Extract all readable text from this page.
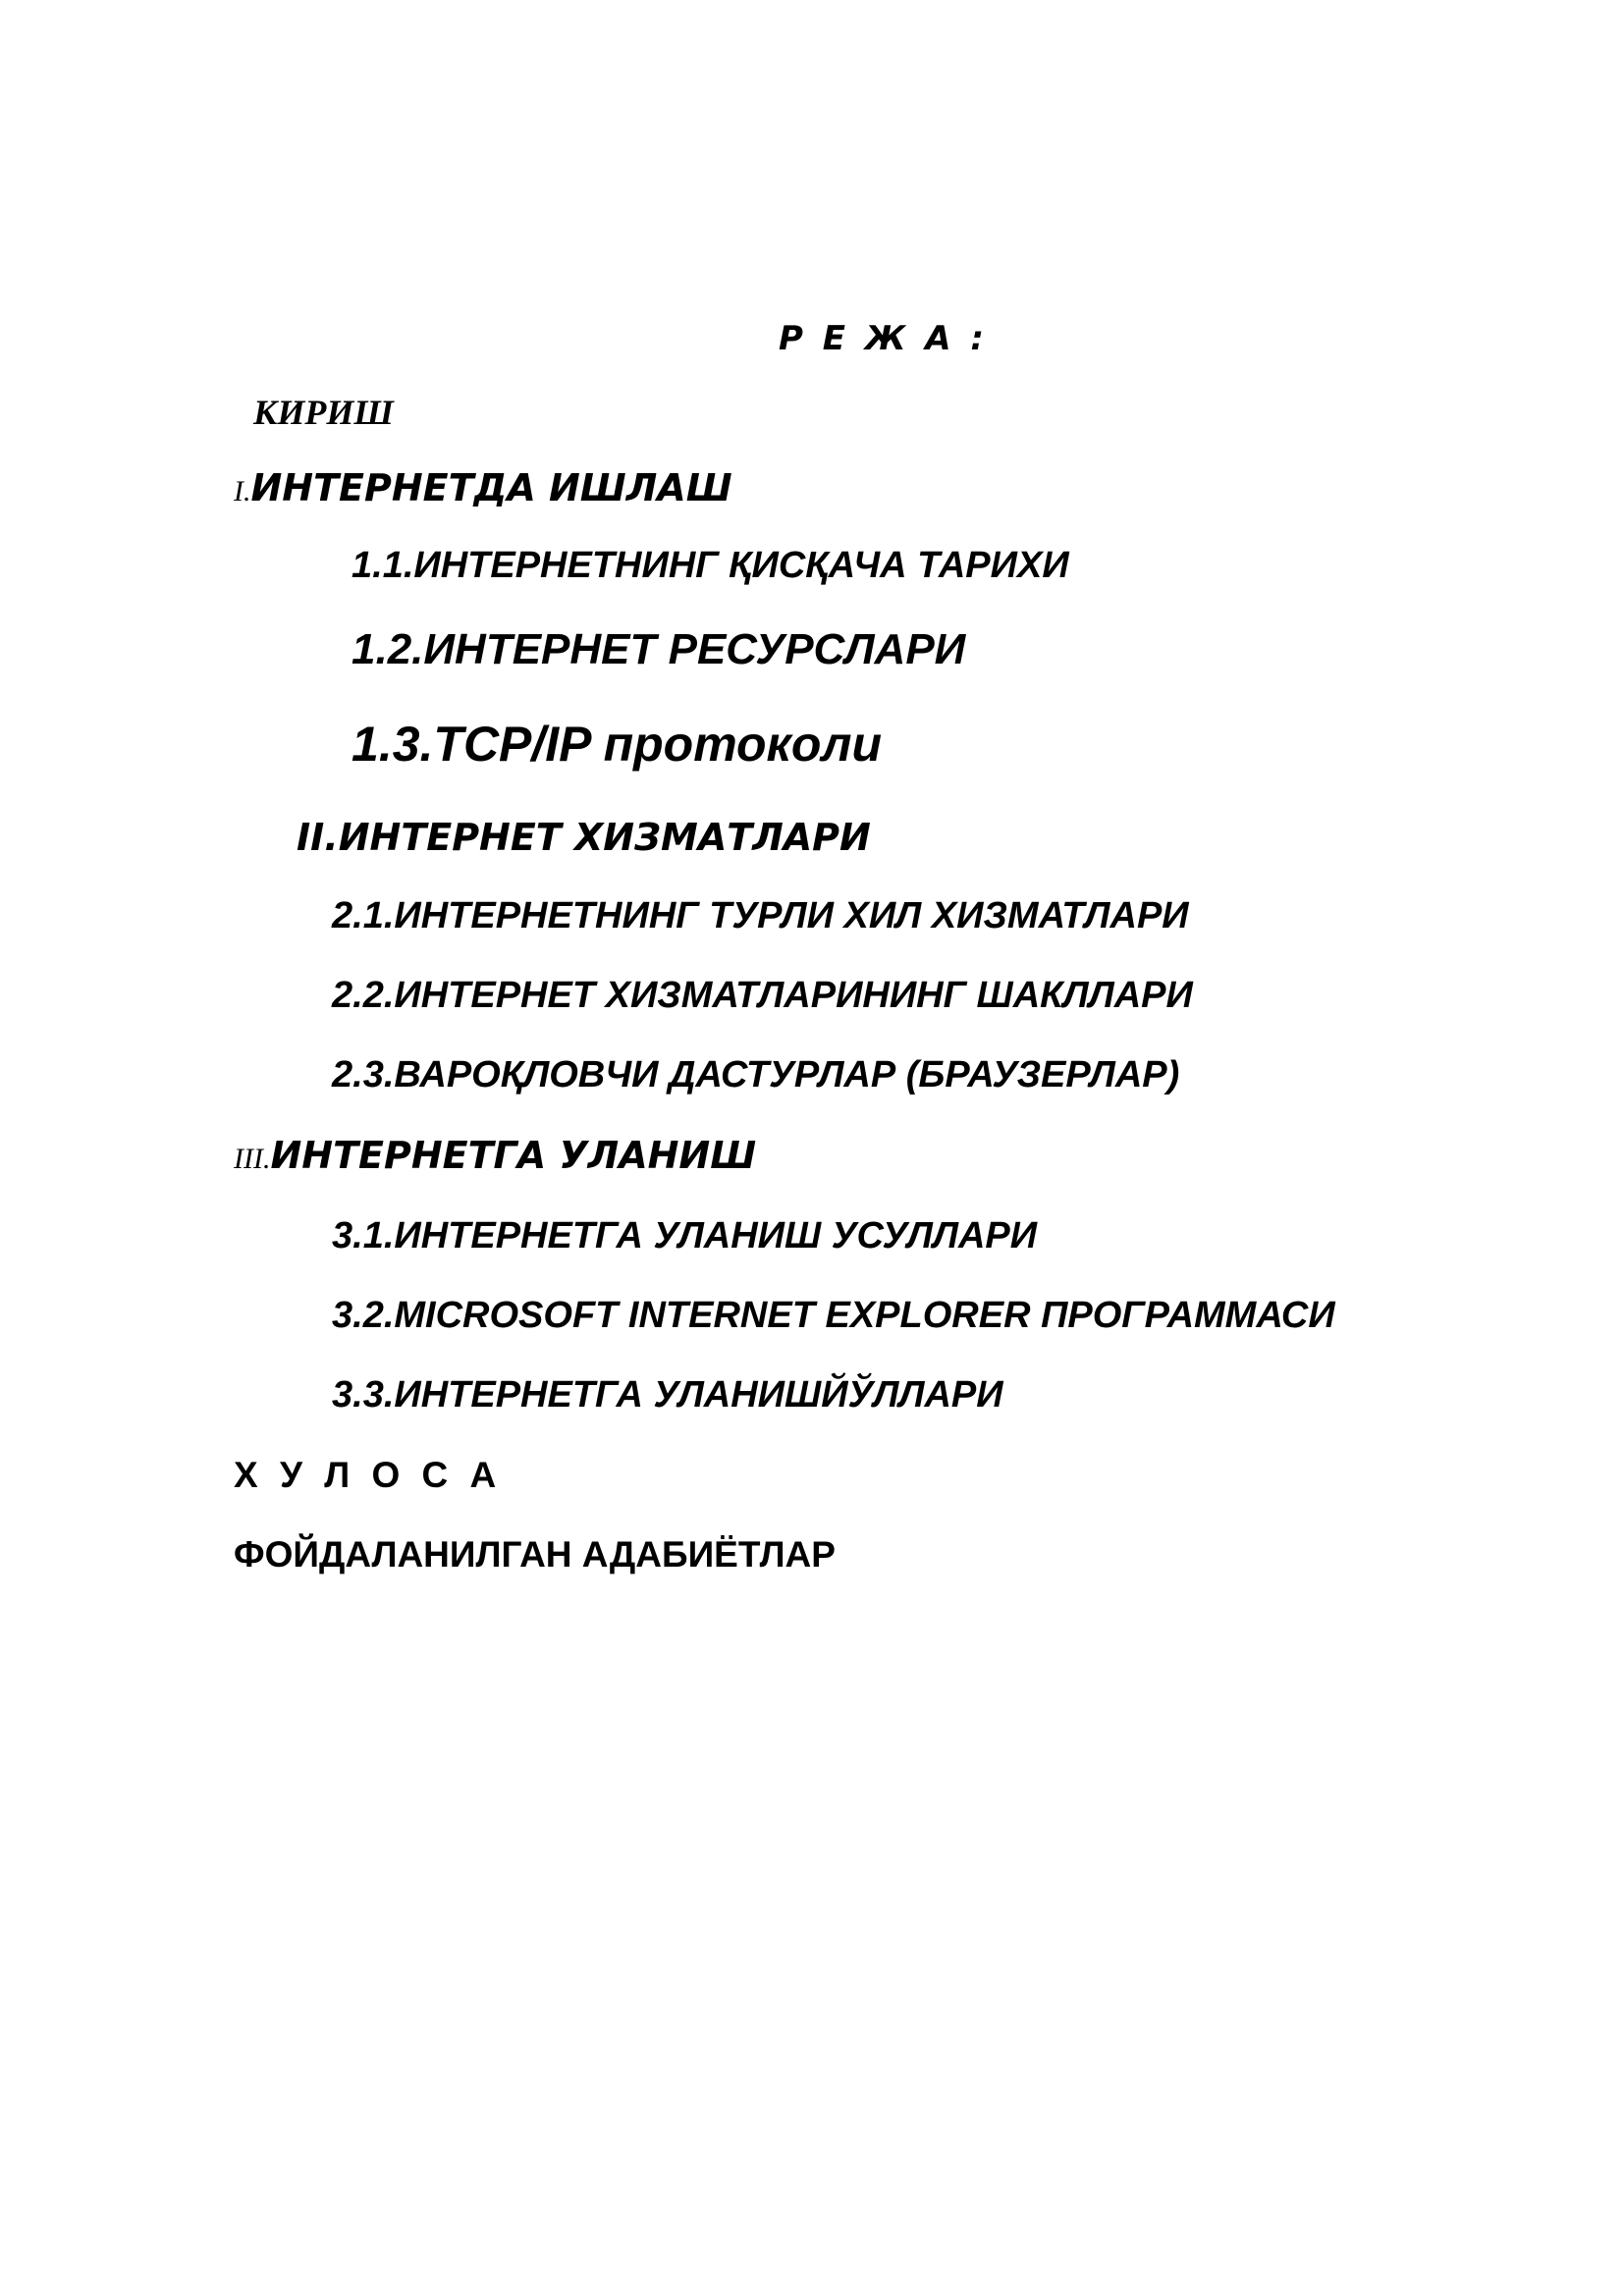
Р Е Ж А :
КИРИШ
I.ИНТЕРНЕТДА ИШЛАШ
1.1.ИНТЕРНЕТНИНГ ҚИСҚАЧА ТАРИХИ
1.2.ИНТЕРНЕТ РЕСУРСЛАРИ
1.3.TCP/IP протоколи
II.ИНТЕРНЕТ ХИЗМАТЛАРИ
2.1.ИНТЕРНЕТНИНГ ТУРЛИ ХИЛ ХИЗМАТЛАРИ
2.2.ИНТЕРНЕТ ХИЗМАТЛАРИНИНГ ШАКЛЛАРИ
2.3.ВАРОҚЛОВЧИ ДАСТУРЛАР (БРАУЗЕРЛАР)
III.ИНТЕРНЕТГА УЛАНИШ
3.1.ИНТЕРНЕТГА УЛАНИШ УСУЛЛАРИ
3.2.MICROSOFT INTERNET EXPLORER ПРОГРАММАСИ
3.3.ИНТЕРНЕТГА УЛАНИШЙЎЛЛАРИ
Х У Л О С А
ФОЙДАЛАНИЛГАН АДАБИЁТЛАР
